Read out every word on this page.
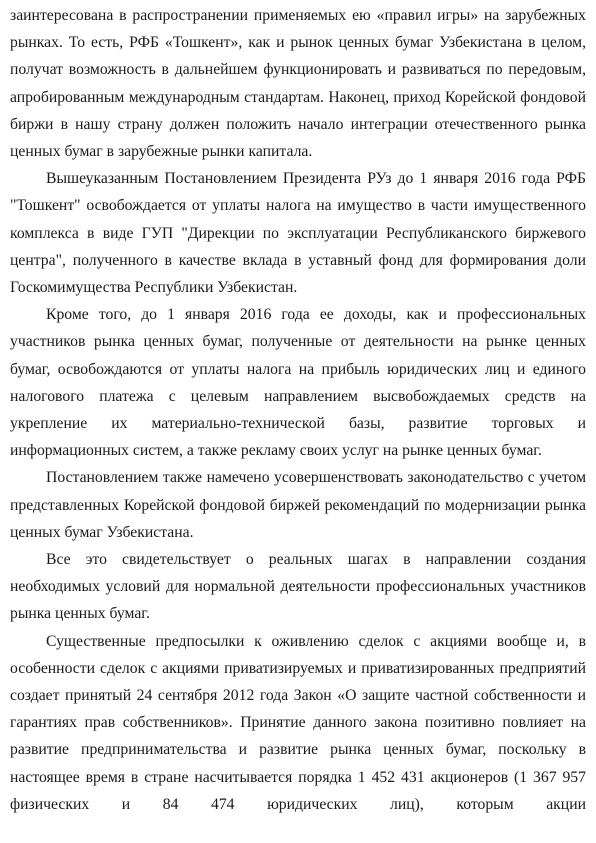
заинтересована в распространении применяемых ею «правил игры» на зарубежных рынках. То есть, РФБ «Тошкент», как и рынок ценных бумаг Узбекистана в целом, получат возможность в дальнейшем функционировать и развиваться по передовым, апробированным международным стандартам. Наконец, приход Корейской фондовой биржи в нашу страну должен положить начало интеграции отечественного рынка ценных бумаг в зарубежные рынки капитала.

Вышеуказанным Постановлением Президента РУз до 1 января 2016 года РФБ "Тошкент" освобождается от уплаты налога на имущество в части имущественного комплекса в виде ГУП "Дирекции по эксплуатации Республиканского биржевого центра", полученного в качестве вклада в уставный фонд для формирования доли Госкомимущества Республики Узбекистан.

Кроме того, до 1 января 2016 года ее доходы, как и профессиональных участников рынка ценных бумаг, полученные от деятельности на рынке ценных бумаг, освобождаются от уплаты налога на прибыль юридических лиц и единого налогового платежа с целевым направлением высвобождаемых средств на укрепление их материально-технической базы, развитие торговых и информационных систем, а также рекламу своих услуг на рынке ценных бумаг.

Постановлением также намечено усовершенствовать законодательство с учетом представленных Корейской фондовой биржей рекомендаций по модернизации рынка ценных бумаг Узбекистана.

Все это свидетельствует о реальных шагах в направлении создания необходимых условий для нормальной деятельности профессиональных участников рынка ценных бумаг.

Существенные предпосылки к оживлению сделок с акциями вообще и, в особенности сделок с акциями приватизируемых и приватизированных предприятий создает принятый 24 сентября 2012 года Закон «О защите частной собственности и гарантиях прав собственников». Принятие данного закона позитивно повлияет на развитие предпринимательства и развитие рынка ценных бумаг, поскольку в настоящее время в стране насчитывается порядка 1 452 431 акционеров (1 367 957 физических и 84 474 юридических лиц), которым акции
